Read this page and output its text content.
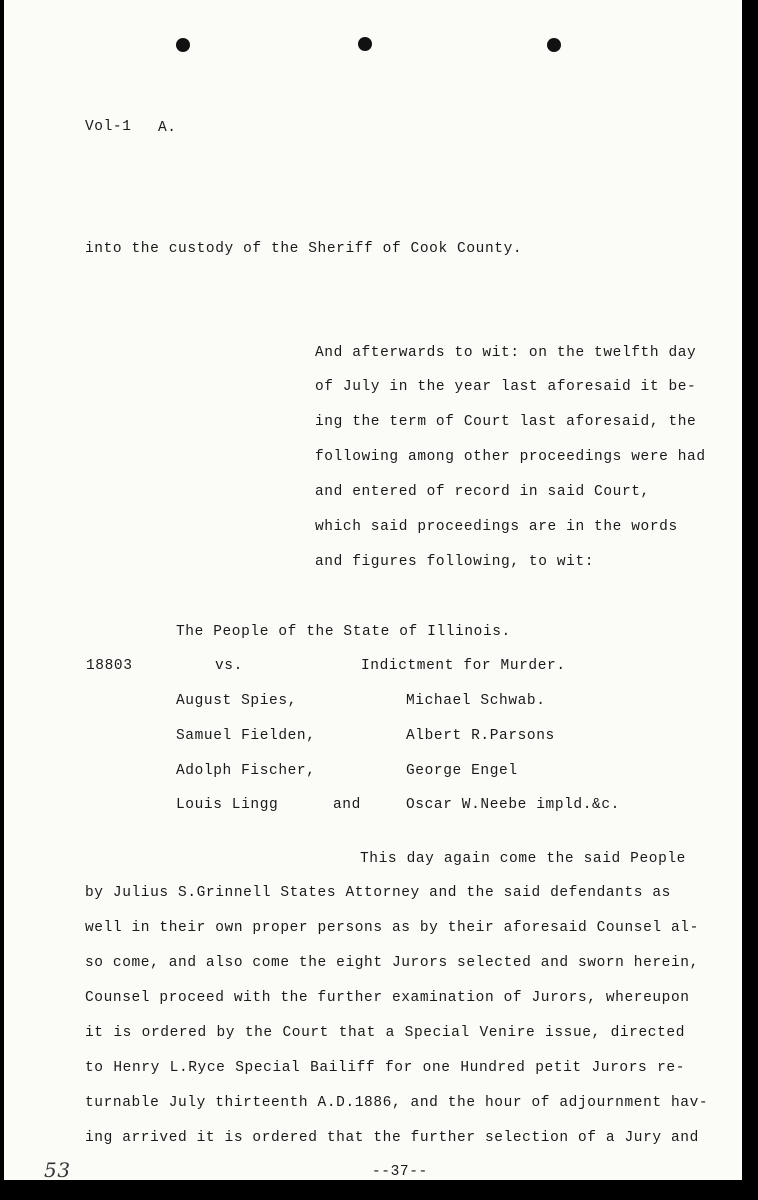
Vol-1 A.
into the custody of the Sheriff of Cook County.
And afterwards to wit: on the twelfth day
of July in the year last aforesaid it be-
ing the term of Court last aforesaid, the
following among other proceedings were had
and entered of record in said Court,
which said proceedings are in the words
and figures following, to wit:
The People of the State of Illinois.
18803	vs.	Indictment for Murder.
August Spies,	Michael Schwab.
Samuel Fielden,	Albert R.Parsons
Adolph Fischer,	George Engel
Louis Lingg	and	Oscar W.Neebe impld.&c.
This day again come the said People
by Julius S.Grinnell States Attorney and the said defendants as
well in their own proper persons as by their aforesaid Counsel al-
so come, and also come the eight Jurors selected and sworn herein,
Counsel proceed with the further examination of Jurors, whereupon
it is ordered by the Court that a Special Venire issue, directed
to Henry L.Ryce Special Bailiff for one Hundred petit Jurors re-
turnable July thirteenth A.D.1886, and the hour of adjournment hav-
ing arrived it is ordered that the further selection of a Jury and
53	--37--
